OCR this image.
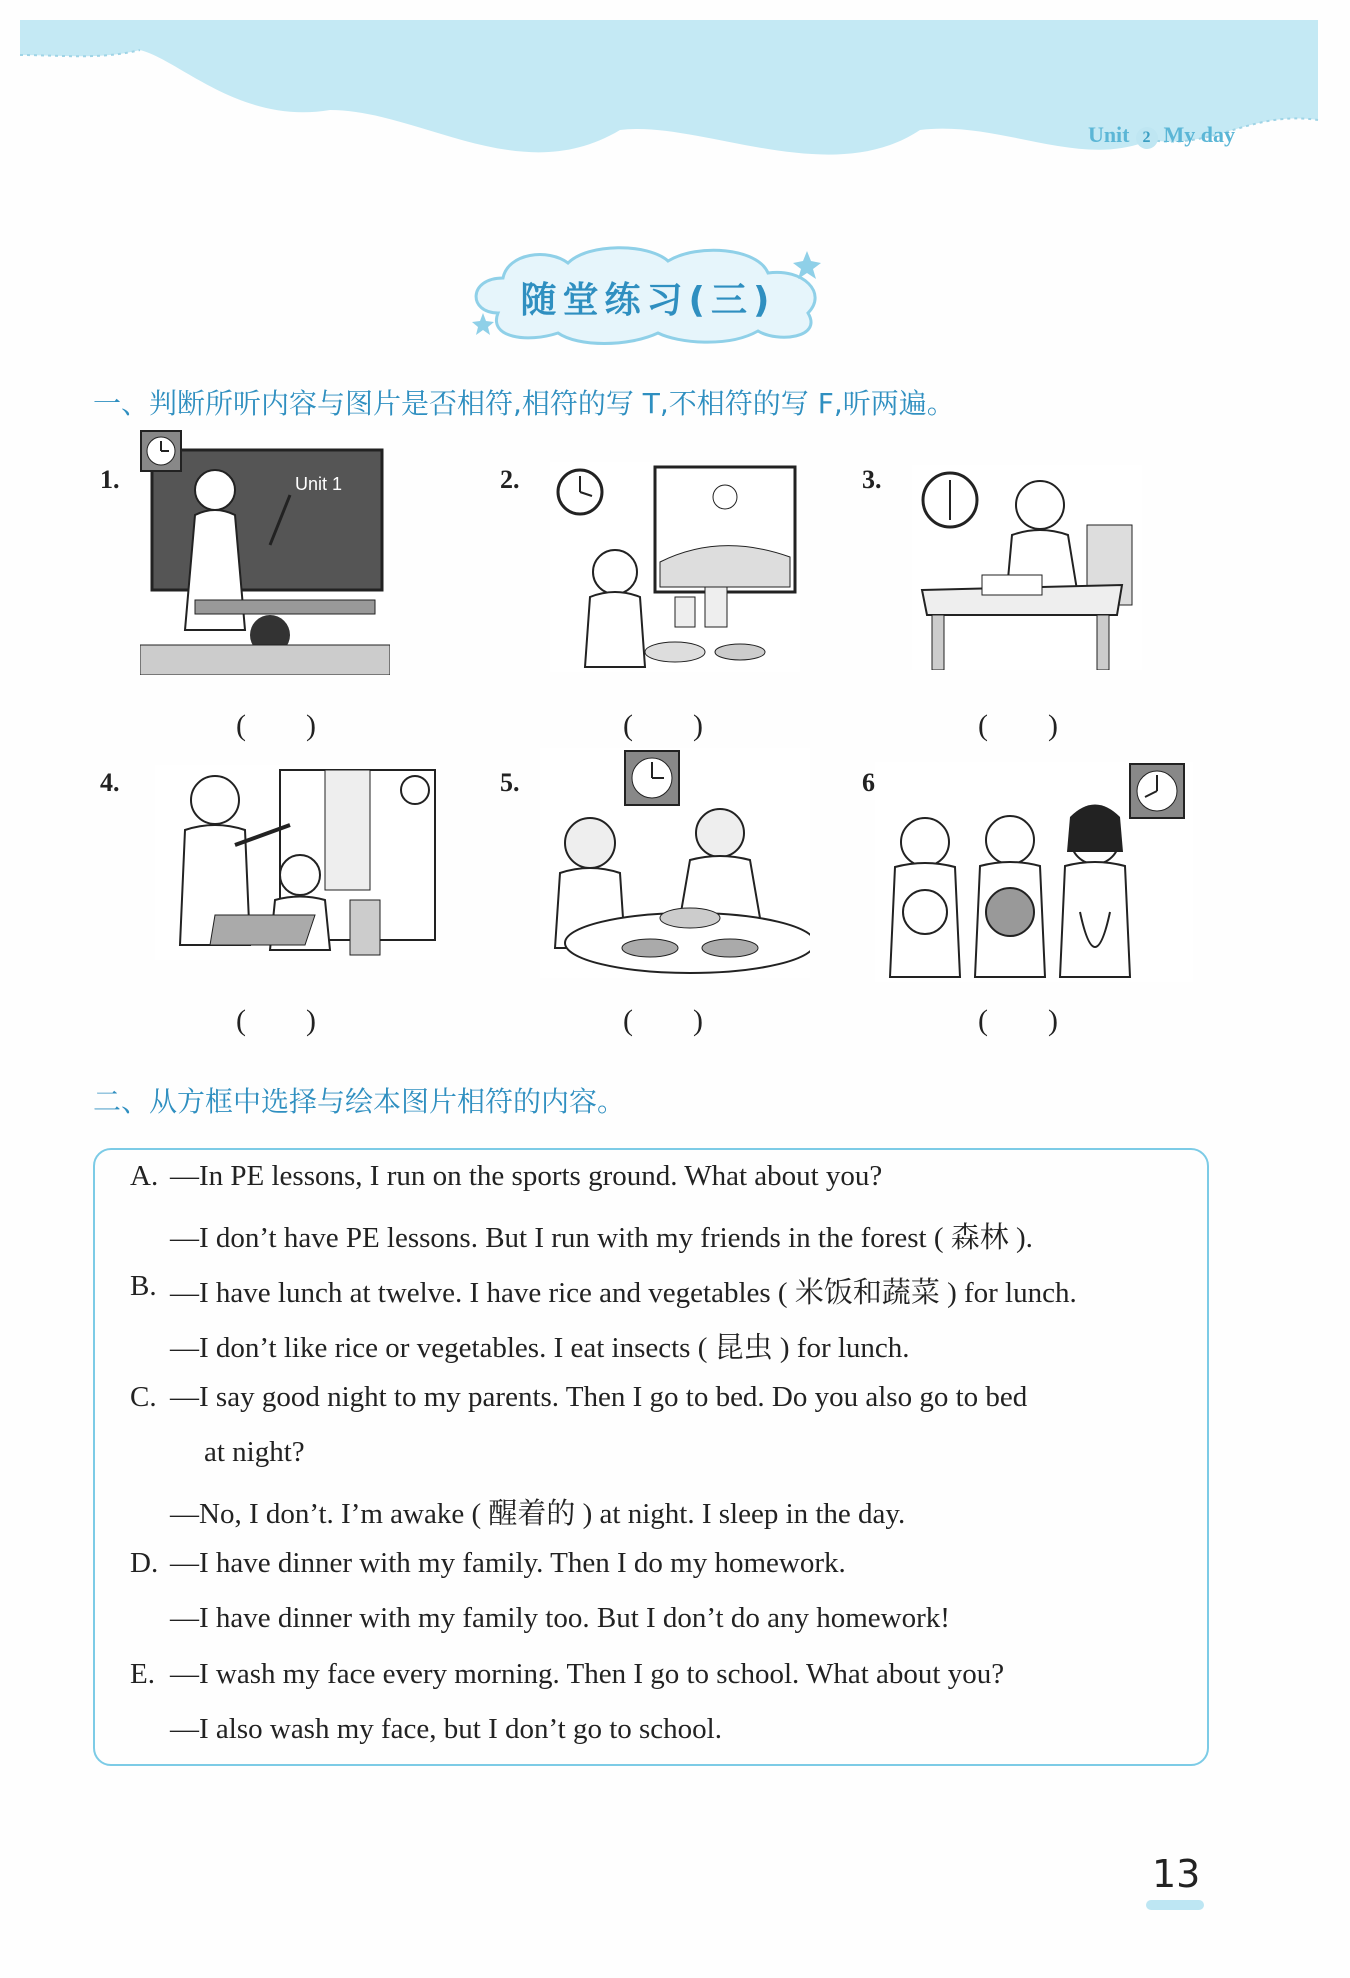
Unit 2 My day
随堂练习(三)
一、判断所听内容与图片是否相符,相符的写 T,不相符的写 F,听两遍。
1.	Unit 1
(　　)
2.
(　　)
3.
(　　)
4.
(　　)
5.
(　　)
6.
(　　)
二、从方框中选择与绘本图片相符的内容。
A. —In PE lessons, I run on the sports ground. What about you?
—I don’t have PE lessons. But I run with my friends in the forest ( 森林 ).
B. —I have lunch at twelve. I have rice and vegetables ( 米饭和蔬菜 ) for lunch.
—I don’t like rice or vegetables. I eat insects ( 昆虫 ) for lunch.
C. —I say good night to my parents. Then I go to bed. Do you also go to bed
at night?
—No, I don’t. I’m awake ( 醒着的 ) at night. I sleep in the day.
D. —I have dinner with my family. Then I do my homework.
—I have dinner with my family too. But I don’t do any homework!
E. —I wash my face every morning. Then I go to school. What about you?
—I also wash my face, but I don’t go to school.
13
